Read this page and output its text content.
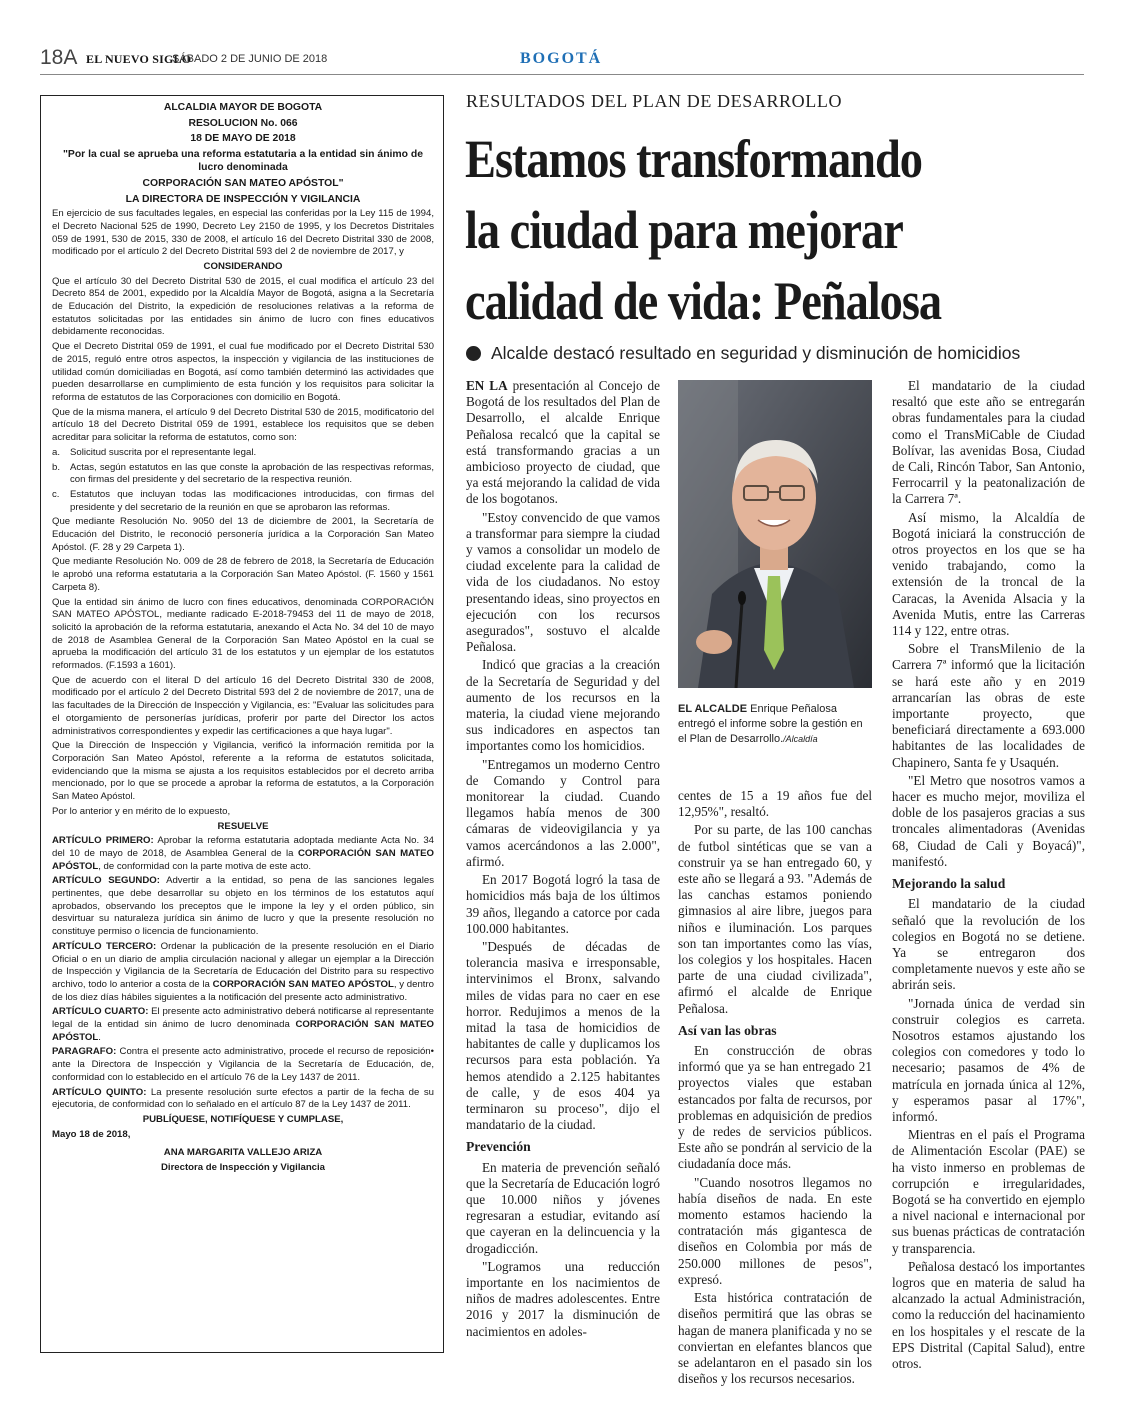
18A EL NUEVO SIGLO
SÁBADO 2 DE JUNIO DE 2018	BOGOTÁ

ALCALDIA MAYOR DE BOGOTA

RESOLUCION No. 066

18 DE MAYO DE 2018

"Por la cual se aprueba una reforma estatutaria a la entidad sin ánimo de lucro denominada

CORPORACIÓN SAN MATEO APÓSTOL"

LA DIRECTORA DE INSPECCIÓN Y VIGILANCIA

En ejercicio de sus facultades legales, en especial las conferidas por la Ley 115 de 1994, el Decreto Nacional 525 de 1990, Decreto Ley 2150 de 1995, y los Decretos Distritales 059 de 1991, 530 de 2015, 330 de 2008, el artículo 16 del Decreto Distrital 330 de 2008, modificado por el artículo 2 del Decreto Distrital 593 del 2 de noviembre de 2017, y

CONSIDERANDO

Que el artículo 30 del Decreto Distrital 530 de 2015, el cual modifica el artículo 23 del Decreto 854 de 2001, expedido por la Alcaldía Mayor de Bogotá, asigna a la Secretaría de Educación del Distrito, la expedición de resoluciones relativas a la reforma de estatutos solicitadas por las entidades sin ánimo de lucro con fines educativos debidamente reconocidas.

Que el Decreto Distrital 059 de 1991, el cual fue modificado por el Decreto Distrital 530 de 2015, reguló entre otros aspectos, la inspección y vigilancia de las instituciones de utilidad común domiciliadas en Bogotá, así como también determinó las actividades que pueden desarrollarse en cumplimiento de esta función y los requisitos para solicitar la reforma de estatutos de las Corporaciones con domicilio en Bogotá.

Que de la misma manera, el artículo 9 del Decreto Distrital 530 de 2015, modificatorio del artículo 18 del Decreto Distrital 059 de 1991, establece los requisitos que se deben acreditar para solicitar la reforma de estatutos, como son:

a. Solicitud suscrita por el representante legal.

b. Actas, según estatutos en las que conste la aprobación de las respectivas reformas, con firmas del presidente y del secretario de la respectiva reunión.

c. Estatutos que incluyan todas las modificaciones introducidas, con firmas del presidente y del secretario de la reunión en que se aprobaron las reformas.

Que mediante Resolución No. 9050 del 13 de diciembre de 2001, la Secretaría de Educación del Distrito, le reconoció personería jurídica a la Corporación San Mateo Apóstol. (F. 28 y 29 Carpeta 1).

Que mediante Resolución No. 009 de 28 de febrero de 2018, la Secretaría de Educación le aprobó una reforma estatutaria a la Corporación San Mateo Apóstol. (F. 1560 y 1561 Carpeta 8).

Que la entidad sin ánimo de lucro con fines educativos, denominada CORPORACIÓN SAN MATEO APÓSTOL, mediante radicado E-2018-79453 del 11 de mayo de 2018, solicitó la aprobación de la reforma estatutaria, anexando el Acta No. 34 del 10 de mayo de 2018 de Asamblea General de la Corporación San Mateo Apóstol en la cual se aprueba la modificación del artículo 31 de los estatutos y un ejemplar de los estatutos reformados. (F.1593 a 1601).

Que de acuerdo con el literal D del artículo 16 del Decreto Distrital 330 de 2008, modificado por el artículo 2 del Decreto Distrital 593 del 2 de noviembre de 2017, una de las facultades de la Dirección de Inspección y Vigilancia, es: "Evaluar las solicitudes para el otorgamiento de personerías jurídicas, proferir por parte del Director los actos administrativos correspondientes y expedir las certificaciones a que haya lugar".

Que la Dirección de Inspección y Vigilancia, verificó la información remitida por la Corporación San Mateo Apóstol, referente a la reforma de estatutos solicitada, evidenciando que la misma se ajusta a los requisitos establecidos por el decreto arriba mencionado, por lo que se procede a aprobar la reforma de estatutos, a la Corporación San Mateo Apóstol.

Por lo anterior y en mérito de lo expuesto,

RESUELVE

ARTÍCULO PRIMERO: Aprobar la reforma estatutaria adoptada mediante Acta No. 34 del 10 de mayo de 2018, de Asamblea General de la CORPORACIÓN SAN MATEO APÓSTOL, de conformidad con la parte motiva de este acto.

ARTÍCULO SEGUNDO: Advertir a la entidad, so pena de las sanciones legales pertinentes, que debe desarrollar su objeto en los términos de los estatutos aquí aprobados, observando los preceptos que le impone la ley y el orden público, sin desvirtuar su naturaleza jurídica sin ánimo de lucro y que la presente resolución no constituye permiso o licencia de funcionamiento.

ARTÍCULO TERCERO: Ordenar la publicación de la presente resolución en el Diario Oficial o en un diario de amplia circulación nacional y allegar un ejemplar a la Dirección de Inspección y Vigilancia de la Secretaría de Educación del Distrito para su respectivo archivo, todo lo anterior a costa de la CORPORACIÓN SAN MATEO APÓSTOL, y dentro de los diez días hábiles siguientes a la notificación del presente acto administrativo.

ARTÍCULO CUARTO: El presente acto administrativo deberá notificarse al representante legal de la entidad sin ánimo de lucro denominada CORPORACIÓN SAN MATEO APÓSTOL.

PARAGRAFO: Contra el presente acto administrativo, procede el recurso de reposición• ante la Directora de Inspección y Vigilancia de la Secretaría de Educación, de, conformidad con lo establecido en el artículo 76 de la Ley 1437 de 2011.

ARTÍCULO QUINTO: La presente resolución surte efectos a partir de la fecha de su ejecutoria, de conformidad con lo señalado en el artículo 87 de la Ley 1437 de 2011.

PUBLÍQUESE, NOTIFÍQUESE Y CUMPLASE,

Mayo 18 de 2018,

ANA MARGARITA VALLEJO ARIZA

Directora de Inspección y Vigilancia

RESULTADOS DEL PLAN DE DESARROLLO
Estamos transformando
la ciudad para mejorar
calidad de vida: Peñalosa
Alcalde destacó resultado en seguridad y disminución de homicidios

EN LA presentación al Concejo de Bogotá de los resultados del Plan de Desarrollo, el alcalde Enrique Peñalosa recalcó que la capital se está transformando gracias a un ambicioso proyecto de ciudad, que ya está mejorando la calidad de vida de los bogotanos.

"Estoy convencido de que vamos a transformar para siempre la ciudad y vamos a consolidar un modelo de ciudad excelente para la calidad de vida de los ciudadanos. No estoy presentando ideas, sino proyectos en ejecución con los recursos asegurados", sostuvo el alcalde Peñalosa.

Indicó que gracias a la creación de la Secretaría de Seguridad y del aumento de los recursos en la materia, la ciudad viene mejorando sus indicadores en aspectos tan importantes como los homicidios.

"Entregamos un moderno Centro de Comando y Control para monitorear la ciudad. Cuando llegamos había menos de 300 cámaras de videovigilancia y ya vamos acercándonos a las 2.000", afirmó.

En 2017 Bogotá logró la tasa de homicidios más baja de los últimos 39 años, llegando a catorce por cada 100.000 habitantes.

"Después de décadas de tolerancia masiva e irresponsable, intervinimos el Bronx, salvando miles de vidas para no caer en ese horror. Redujimos a menos de la mitad la tasa de homicidios de habitantes de calle y duplicamos los recursos para esta población. Ya hemos atendido a 2.125 habitantes de calle, y de esos 404 ya terminaron su proceso", dijo el mandatario de la ciudad.

Prevención

En materia de prevención señaló que la Secretaría de Educación logró que 10.000 niños y jóvenes regresaran a estudiar, evitando así que cayeran en la delincuencia y la drogadicción.

"Logramos una reducción importante en los nacimientos de niños de madres adolescentes. Entre 2016 y 2017 la disminución de nacimientos en adoles-

EL ALCALDE Enrique Peñalosa entregó el informe sobre la gestión en el Plan de Desarrollo./Alcaldía

centes de 15 a 19 años fue del 12,95%", resaltó.

Por su parte, de las 100 canchas de futbol sintéticas que se van a construir ya se han entregado 60, y este año se llegará a 93. "Además de las canchas estamos poniendo gimnasios al aire libre, juegos para niños e iluminación. Los parques son tan importantes como las vías, los colegios y los hospitales. Hacen parte de una ciudad civilizada", afirmó el alcalde de Enrique Peñalosa.

Así van las obras

En construcción de obras informó que ya se han entregado 21 proyectos viales que estaban estancados por falta de recursos, por problemas en adquisición de predios y de redes de servicios públicos. Este año se pondrán al servicio de la ciudadanía doce más.

"Cuando nosotros llegamos no había diseños de nada. En este momento estamos haciendo la contratación más gigantesca de diseños en Colombia por más de 250.000 millones de pesos", expresó.

Esta histórica contratación de diseños permitirá que las obras se hagan de manera planificada y no se conviertan en elefantes blancos que se adelantaron en el pasado sin los diseños y los recursos necesarios.

El mandatario de la ciudad resaltó que este año se entregarán obras fundamentales para la ciudad como el TransMiCable de Ciudad Bolívar, las avenidas Bosa, Ciudad de Cali, Rincón Tabor, San Antonio, Ferrocarril y la peatonalización de la Carrera 7ª.

Así mismo, la Alcaldía de Bogotá iniciará la construcción de otros proyectos en los que se ha venido trabajando, como la extensión de la troncal de la Caracas, la Avenida Alsacia y la Avenida Mutis, entre las Carreras 114 y 122, entre otras.

Sobre el TransMilenio de la Carrera 7ª informó que la licitación se hará este año y en 2019 arrancarían las obras de este importante proyecto, que beneficiará directamente a 693.000 habitantes de las localidades de Chapinero, Santa fe y Usaquén.

"El Metro que nosotros vamos a hacer es mucho mejor, moviliza el doble de los pasajeros gracias a sus troncales alimentadoras (Avenidas 68, Ciudad de Cali y Boyacá)", manifestó.

Mejorando la salud

El mandatario de la ciudad señaló que la revolución de los colegios en Bogotá no se detiene. Ya se entregaron dos completamente nuevos y este año se abrirán seis.

"Jornada única de verdad sin construir colegios es carreta. Nosotros estamos ajustando los colegios con comedores y todo lo necesario; pasamos de 4% de matrícula en jornada única al 12%, y esperamos pasar al 17%", informó.

Mientras en el país el Programa de Alimentación Escolar (PAE) se ha visto inmerso en problemas de corrupción e irregularidades, Bogotá se ha convertido en ejemplo a nivel nacional e internacional por sus buenas prácticas de contratación y transparencia.

Peñalosa destacó los importantes logros que en materia de salud ha alcanzado la actual Administración, como la reducción del hacinamiento en los hospitales y el rescate de la EPS Distrital (Capital Salud), entre otros.
